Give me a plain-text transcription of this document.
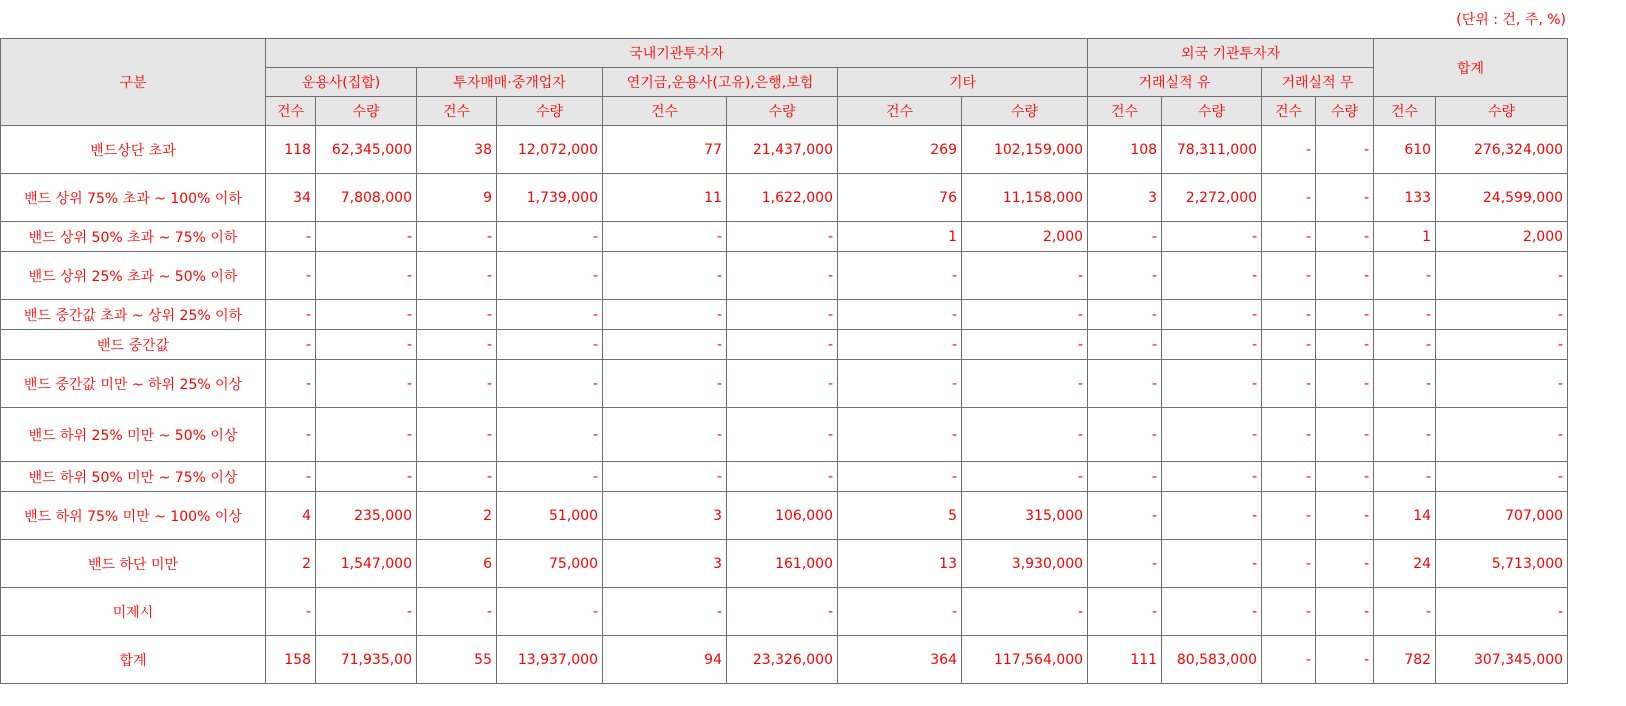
(단위 : 건, 주, %)
구분	국내기관투자자								외국 기관투자자				합계	
	운용사(집합)		투자매매·중개업자		연기금,운용사(고유),은행,보험		기타		거래실적 유		거래실적 무			
	건수	수량	건수	수량	건수	수량	건수	수량	건수	수량	건수	수량	건수	수량
밴드상단 초과	118	62,345,000	38	12,072,000	77	21,437,000	269	102,159,000	108	78,311,000	-	-	610	276,324,000
밴드 상위 75% 초과 ~ 100% 이하	34	7,808,000	9	1,739,000	11	1,622,000	76	11,158,000	3	2,272,000	-	-	133	24,599,000
밴드 상위 50% 초과 ~ 75% 이하	-	-	-	-	-	-	1	2,000	-	-	-	-	1	2,000
밴드 상위 25% 초과 ~ 50% 이하	-	-	-	-	-	-	-	-	-	-	-	-	-	-
밴드 중간값 초과 ~ 상위 25% 이하	-	-	-	-	-	-	-	-	-	-	-	-	-	-
밴드 중간값	-	-	-	-	-	-	-	-	-	-	-	-	-	-
밴드 중간값 미만 ~ 하위 25% 이상	-	-	-	-	-	-	-	-	-	-	-	-	-	-
밴드 하위 25% 미만 ~ 50% 이상	-	-	-	-	-	-	-	-	-	-	-	-	-	-
밴드 하위 50% 미만 ~ 75% 이상	-	-	-	-	-	-	-	-	-	-	-	-	-	-
밴드 하위 75% 미만 ~ 100% 이상	4	235,000	2	51,000	3	106,000	5	315,000	-	-	-	-	14	707,000
밴드 하단 미만	2	1,547,000	6	75,000	3	161,000	13	3,930,000	-	-	-	-	24	5,713,000
미제시	-	-	-	-	-	-	-	-	-	-	-	-	-	-
합계	158	71,935,00	55	13,937,000	94	23,326,000	364	117,564,000	111	80,583,000	-	-	782	307,345,000
